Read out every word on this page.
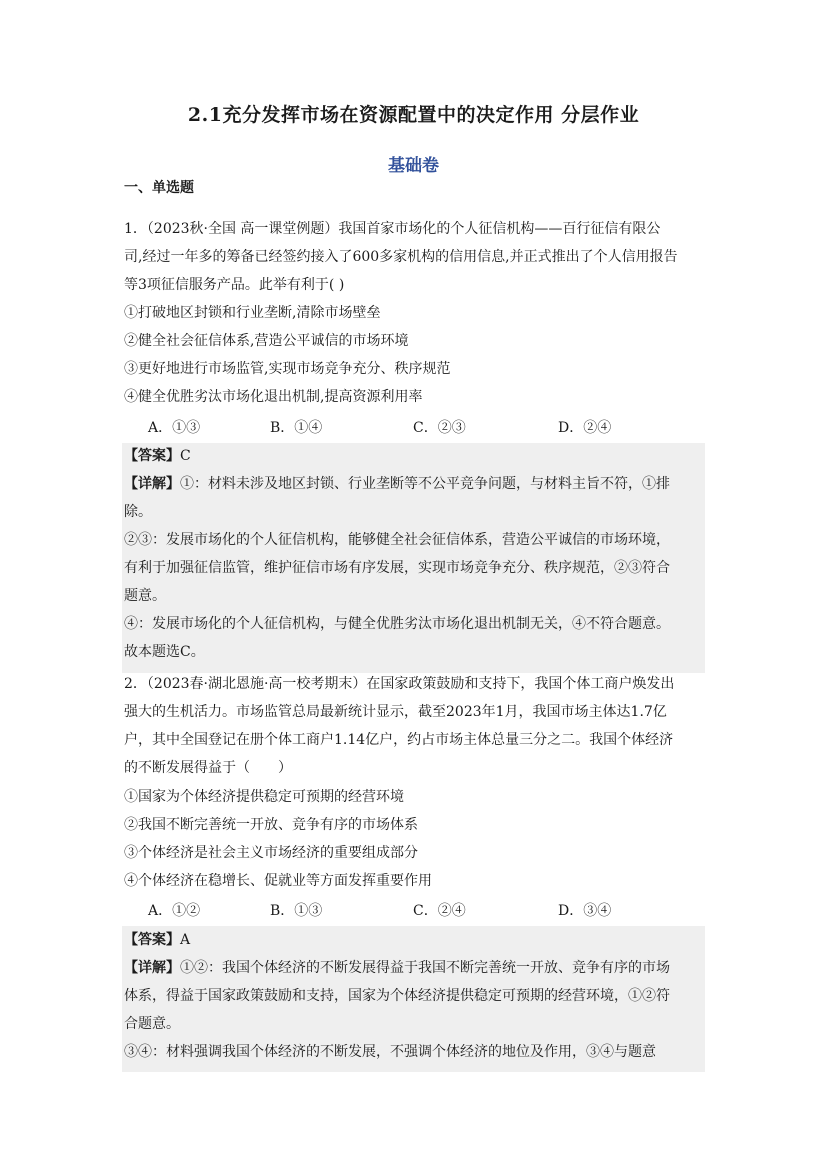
2.1充分发挥市场在资源配置中的决定作用 分层作业
基础卷
一、单选题
1．（2023秋·全国 高一课堂例题）我国首家市场化的个人征信机构——百行征信有限公
司,经过一年多的筹备已经签约接入了600多家机构的信用信息,并正式推出了个人信用报告
等3项征信服务产品。此举有利于( )
①打破地区封锁和行业垄断,清除市场壁垒
②健全社会征信体系,营造公平诚信的市场环境
③更好地进行市场监管,实现市场竞争充分、秩序规范
④健全优胜劣汰市场化退出机制,提高资源利用率
A．①③	B．①④	C．②③	D．②④
【答案】C
【详解】①：材料未涉及地区封锁、行业垄断等不公平竞争问题，与材料主旨不符，①排
除。
②③：发展市场化的个人征信机构，能够健全社会征信体系，营造公平诚信的市场环境，
有利于加强征信监管，维护征信市场有序发展，实现市场竞争充分、秩序规范，②③符合
题意。
④：发展市场化的个人征信机构，与健全优胜劣汰市场化退出机制无关，④不符合题意。
故本题选C。
2．（2023春·湖北恩施·高一校考期末）在国家政策鼓励和支持下，我国个体工商户焕发出
强大的生机活力。市场监管总局最新统计显示，截至2023年1月，我国市场主体达1.7亿
户，其中全国登记在册个体工商户1.14亿户，约占市场主体总量三分之二。我国个体经济
的不断发展得益于（　　）
①国家为个体经济提供稳定可预期的经营环境
②我国不断完善统一开放、竞争有序的市场体系
③个体经济是社会主义市场经济的重要组成部分
④个体经济在稳增长、促就业等方面发挥重要作用
A．①②	B．①③	C．②④	D．③④
【答案】A
【详解】①②：我国个体经济的不断发展得益于我国不断完善统一开放、竞争有序的市场
体系，得益于国家政策鼓励和支持，国家为个体经济提供稳定可预期的经营环境，①②符
合题意。
③④：材料强调我国个体经济的不断发展，不强调个体经济的地位及作用，③④与题意
